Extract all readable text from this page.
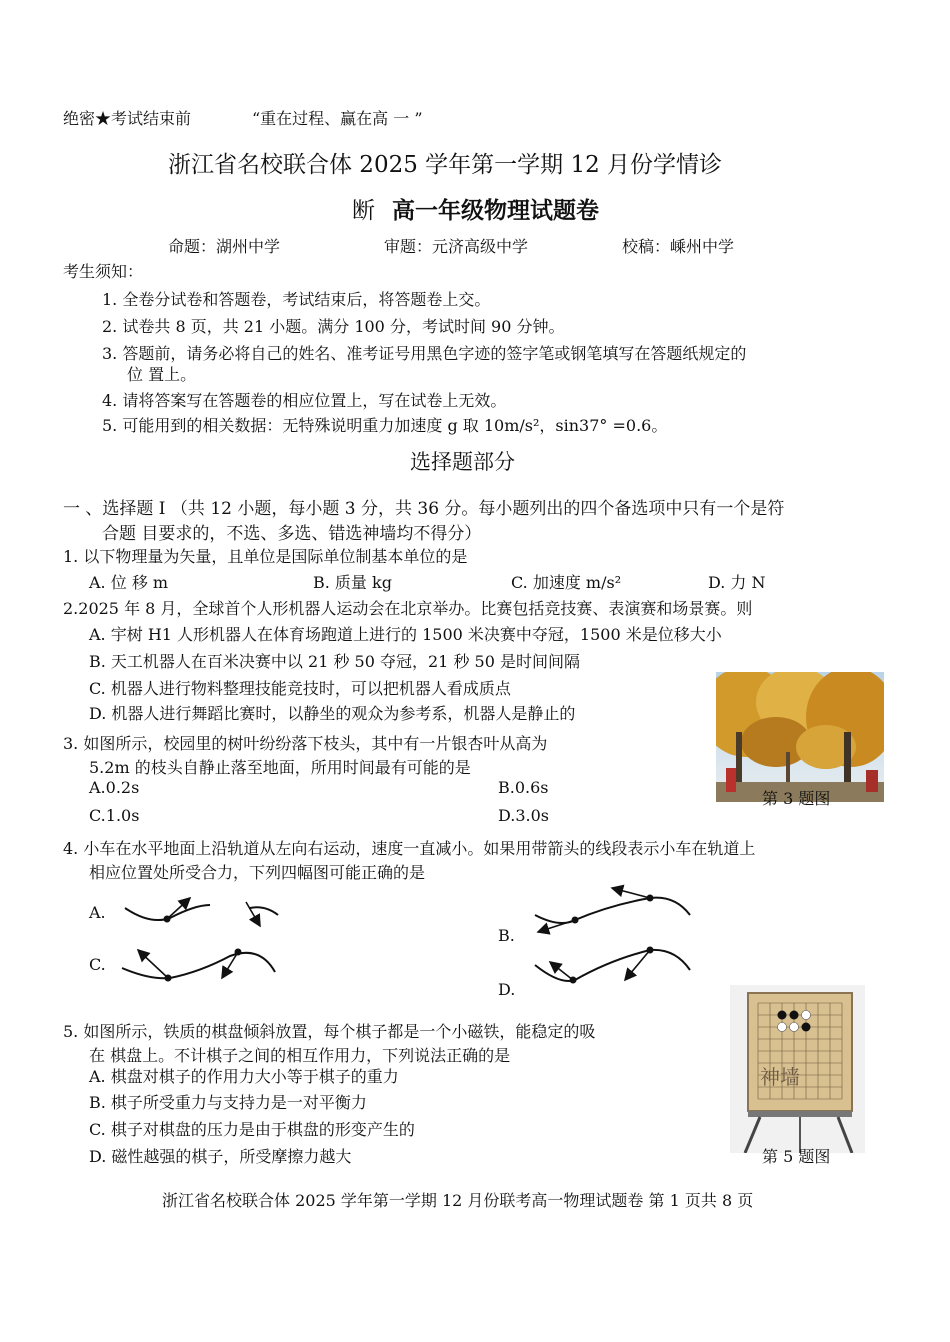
绝密★考试结束前	“重在过程、赢在高 一 ”
浙江省名校联合体 2025 学年第一学期 12 月份学情诊
断 高一年级物理试题卷
命题：湖州中学	审题：元济高级中学	校稿：嵊州中学
考生须知：
1. 全卷分试卷和答题卷，考试结束后，将答题卷上交。
2. 试卷共 8 页，共 21 小题。满分 100 分，考试时间 90 分钟。
3. 答题前，请务必将自己的姓名、准考证号用黑色字迹的签字笔或钢笔填写在答题纸规定的
位 置上。
4. 请将答案写在答题卷的相应位置上，写在试卷上无效。
5. 可能用到的相关数据：无特殊说明重力加速度 g 取 10m/s²，sin37° =0.6。
选择题部分
一 、选择题 I （共 12 小题，每小题 3 分，共 36 分。每小题列出的四个备选项中只有一个是符
合题 目要求的，不选、多选、错选神墙均不得分）
1. 以下物理量为矢量，且单位是国际单位制基本单位的是
A. 位 移 m	B. 质量 kg	C. 加速度 m/s²	D. 力 N
2.2025 年 8 月，全球首个人形机器人运动会在北京举办。比赛包括竞技赛、表演赛和场景赛。则
A. 宇树 H1 人形机器人在体育场跑道上进行的 1500 米决赛中夺冠，1500 米是位移大小
B. 天工机器人在百米决赛中以 21 秒 50 夺冠，21 秒 50 是时间间隔
C. 机器人进行物料整理技能竞技时，可以把机器人看成质点
D. 机器人进行舞蹈比赛时，以静坐的观众为参考系，机器人是静止的
3. 如图所示，校园里的树叶纷纷落下枝头，其中有一片银杏叶从高为
5.2m 的枝头自静止落至地面，所用时间最有可能的是
A.0.2s	B.0.6s
C.1.0s	D.3.0s
第 3 题图
4. 小车在水平地面上沿轨道从左向右运动，速度一直减小。如果用带箭头的线段表示小车在轨道上
相应位置处所受合力，下列四幅图可能正确的是
A.
C.
B.
D.
神墙
5. 如图所示，铁质的棋盘倾斜放置，每个棋子都是一个小磁铁，能稳定的吸
在 棋盘上。不计棋子之间的相互作用力，下列说法正确的是
A. 棋盘对棋子的作用力大小等于棋子的重力
B. 棋子所受重力与支持力是一对平衡力
C. 棋子对棋盘的压力是由于棋盘的形变产生的
D. 磁性越强的棋子，所受摩擦力越大	第 5 题图
浙江省名校联合体 2025 学年第一学期 12 月份联考高一物理试题卷 第 1 页共 8 页
